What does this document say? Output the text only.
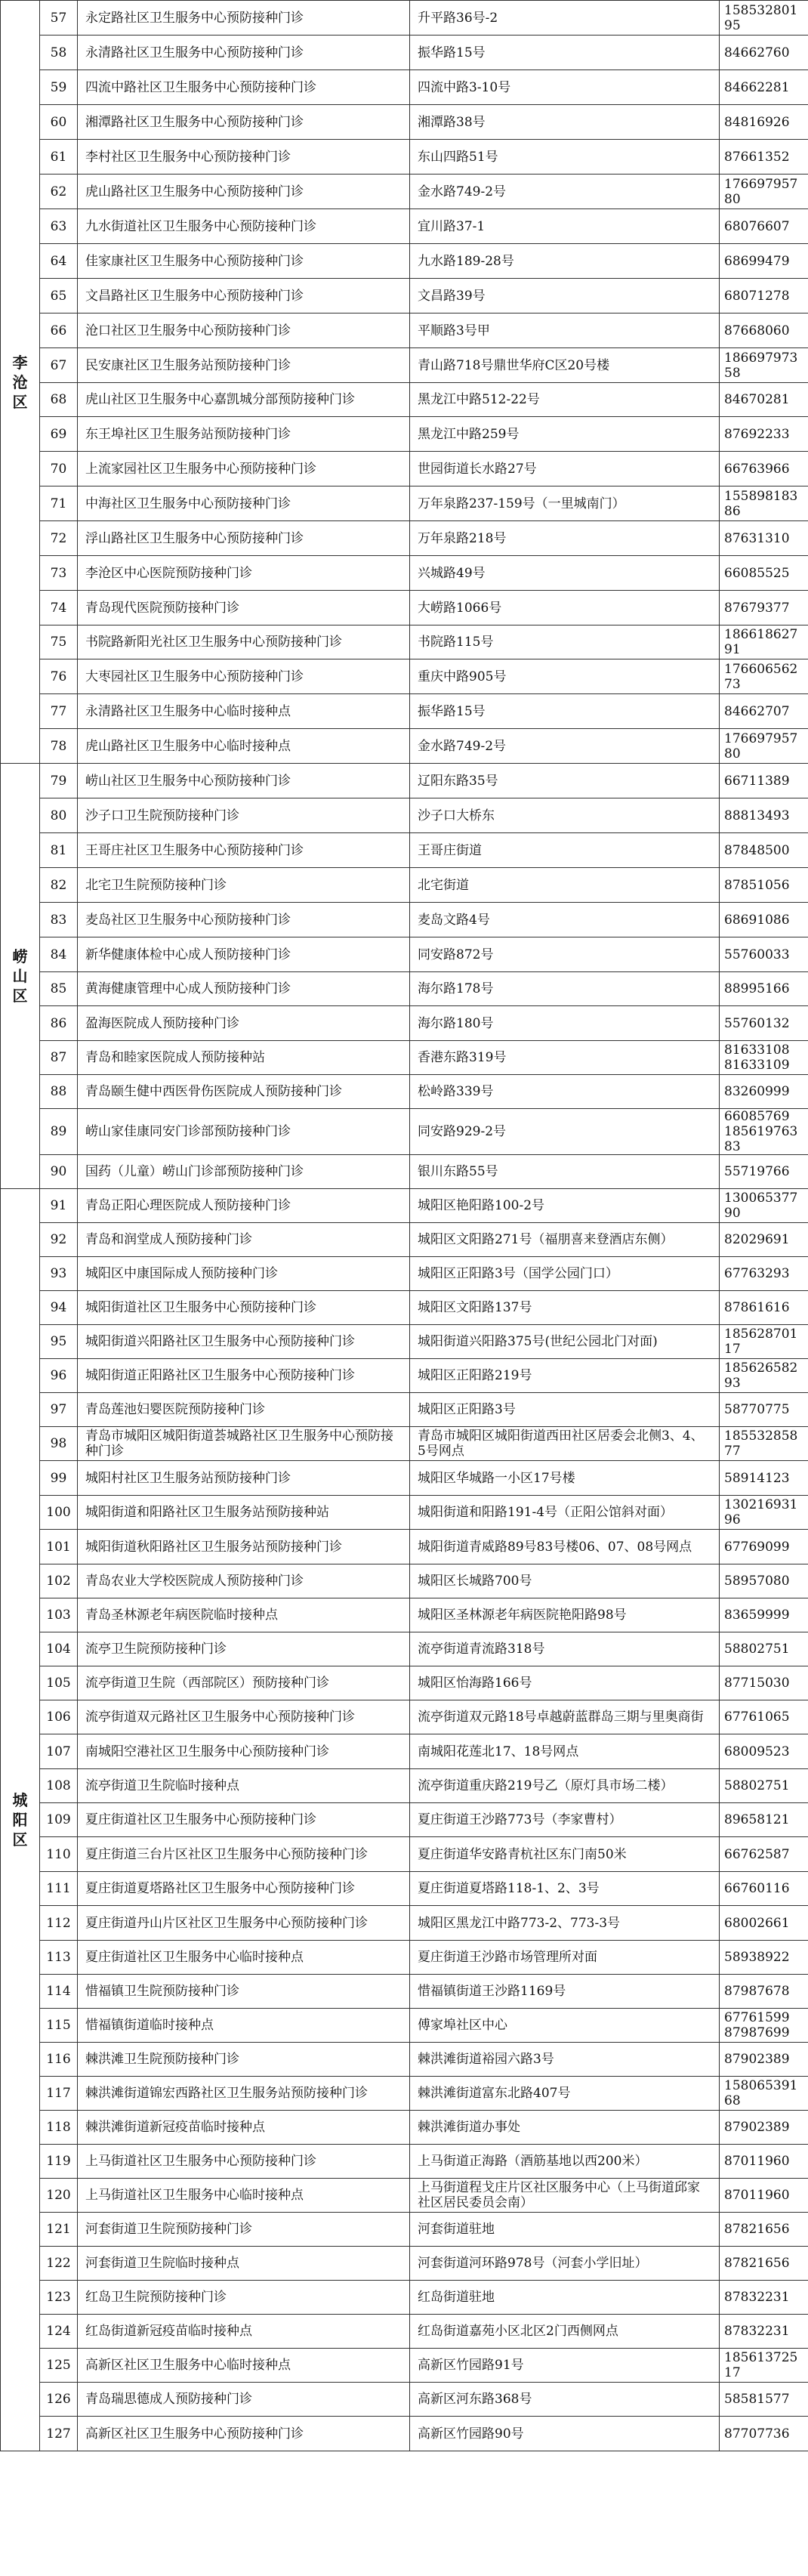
李沧区	57	永定路社区卫生服务中心预防接种门诊	升平路36号-2	15853280195
	58	永清路社区卫生服务中心预防接种门诊	振华路15号	84662760
	59	四流中路社区卫生服务中心预防接种门诊	四流中路3-10号	84662281
	60	湘潭路社区卫生服务中心预防接种门诊	湘潭路38号	84816926
	61	李村社区卫生服务中心预防接种门诊	东山四路51号	87661352
	62	虎山路社区卫生服务中心预防接种门诊	金水路749-2号	17669795780
	63	九水街道社区卫生服务中心预防接种门诊	宜川路37-1	68076607
	64	佳家康社区卫生服务中心预防接种门诊	九水路189-28号	68699479
	65	文昌路社区卫生服务中心预防接种门诊	文昌路39号	68071278
	66	沧口社区卫生服务中心预防接种门诊	平顺路3号甲	87668060
	67	民安康社区卫生服务站预防接种门诊	青山路718号鼎世华府C区20号楼	18669797358
	68	虎山社区卫生服务中心嘉凯城分部预防接种门诊	黑龙江中路512-22号	84670281
	69	东王埠社区卫生服务站预防接种门诊	黑龙江中路259号	87692233
	70	上流家园社区卫生服务中心预防接种门诊	世园街道长水路27号	66763966
	71	中海社区卫生服务中心预防接种门诊	万年泉路237-159号（一里城南门）	15589818386
	72	浮山路社区卫生服务中心预防接种门诊	万年泉路218号	87631310
	73	李沧区中心医院预防接种门诊	兴城路49号	66085525
	74	青岛现代医院预防接种门诊	大崂路1066号	87679377
	75	书院路新阳光社区卫生服务中心预防接种门诊	书院路115号	18661862791
	76	大枣园社区卫生服务中心预防接种门诊	重庆中路905号	17660656273
	77	永清路社区卫生服务中心临时接种点	振华路15号	84662707
	78	虎山路社区卫生服务中心临时接种点	金水路749-2号	17669795780
崂山区	79	崂山社区卫生服务中心预防接种门诊	辽阳东路35号	66711389
	80	沙子口卫生院预防接种门诊	沙子口大桥东	88813493
	81	王哥庄社区卫生服务中心预防接种门诊	王哥庄街道	87848500
	82	北宅卫生院预防接种门诊	北宅街道	87851056
	83	麦岛社区卫生服务中心预防接种门诊	麦岛文路4号	68691086
	84	新华健康体检中心成人预防接种门诊	同安路872号	55760033
	85	黄海健康管理中心成人预防接种门诊	海尔路178号	88995166
	86	盈海医院成人预防接种门诊	海尔路180号	55760132
	87	青岛和睦家医院成人预防接种站	香港东路319号	81633108
81633109
	88	青岛颐生健中西医骨伤医院成人预防接种门诊	松岭路339号	83260999
	89	崂山家佳康同安门诊部预防接种门诊	同安路929-2号	66085769
18561976383
	90	国药（儿童）崂山门诊部预防接种门诊	银川东路55号	55719766
城阳区	91	青岛正阳心理医院成人预防接种门诊	城阳区艳阳路100-2号	13006537790
	92	青岛和润堂成人预防接种门诊	城阳区文阳路271号（福朋喜来登酒店东侧）	82029691
	93	城阳区中康国际成人预防接种门诊	城阳区正阳路3号（国学公园门口）	67763293
	94	城阳街道社区卫生服务中心预防接种门诊	城阳区文阳路137号	87861616
	95	城阳街道兴阳路社区卫生服务中心预防接种门诊	城阳街道兴阳路375号(世纪公园北门对面)	18562870117
	96	城阳街道正阳路社区卫生服务中心预防接种门诊	城阳区正阳路219号	18562658293
	97	青岛莲池妇婴医院预防接种门诊	城阳区正阳路3号	58770775
	98	青岛市城阳区城阳街道荟城路社区卫生服务中心预防接种门诊	青岛市城阳区城阳街道西田社区居委会北侧3、4、5号网点	18553285877
	99	城阳村社区卫生服务站预防接种门诊	城阳区华城路一小区17号楼	58914123
	100	城阳街道和阳路社区卫生服务站预防接种站	城阳街道和阳路191-4号（正阳公馆斜对面）	13021693196
	101	城阳街道秋阳路社区卫生服务站预防接种门诊	城阳街道青威路89号83号楼06、07、08号网点	67769099
	102	青岛农业大学校医院成人预防接种门诊	城阳区长城路700号	58957080
	103	青岛圣林源老年病医院临时接种点	城阳区圣林源老年病医院艳阳路98号	83659999
	104	流亭卫生院预防接种门诊	流亭街道青流路318号	58802751
	105	流亭街道卫生院（西部院区）预防接种门诊	城阳区怡海路166号	87715030
	106	流亭街道双元路社区卫生服务中心预防接种门诊	流亭街道双元路18号卓越蔚蓝群岛三期与里奥商街	67761065
	107	南城阳空港社区卫生服务中心预防接种门诊	南城阳花莲北17、18号网点	68009523
	108	流亭街道卫生院临时接种点	流亭街道重庆路219号乙（原灯具市场二楼）	58802751
	109	夏庄街道社区卫生服务中心预防接种门诊	夏庄街道王沙路773号（李家曹村）	89658121
	110	夏庄街道三台片区社区卫生服务中心预防接种门诊	夏庄街道华安路青杭社区东门南50米	66762587
	111	夏庄街道夏塔路社区卫生服务中心预防接种门诊	夏庄街道夏塔路118-1、2、3号	66760116
	112	夏庄街道丹山片区社区卫生服务中心预防接种门诊	城阳区黑龙江中路773-2、773-3号	68002661
	113	夏庄街道社区卫生服务中心临时接种点	夏庄街道王沙路市场管理所对面	58938922
	114	惜福镇卫生院预防接种门诊	惜福镇街道王沙路1169号	87987678
	115	惜福镇街道临时接种点	傅家埠社区中心	67761599
87987699
	116	棘洪滩卫生院预防接种门诊	棘洪滩街道裕园六路3号	87902389
	117	棘洪滩街道锦宏西路社区卫生服务站预防接种门诊	棘洪滩街道富东北路407号	15806539168
	118	棘洪滩街道新冠疫苗临时接种点	棘洪滩街道办事处	87902389
	119	上马街道社区卫生服务中心预防接种门诊	上马街道正海路（酒筋基地以西200米）	87011960
	120	上马街道社区卫生服务中心临时接种点	上马街道程戈庄片区社区服务中心（上马街道邱家社区居民委员会南）	87011960
	121	河套街道卫生院预防接种门诊	河套街道驻地	87821656
	122	河套街道卫生院临时接种点	河套街道河环路978号（河套小学旧址）	87821656
	123	红岛卫生院预防接种门诊	红岛街道驻地	87832231
	124	红岛街道新冠疫苗临时接种点	红岛街道嘉苑小区北区2门西侧网点	87832231
	125	高新区社区卫生服务中心临时接种点	高新区竹园路91号	18561372517
	126	青岛瑞思德成人预防接种门诊	高新区河东路368号	58581577
	127	高新区社区卫生服务中心预防接种门诊	高新区竹园路90号	87707736
